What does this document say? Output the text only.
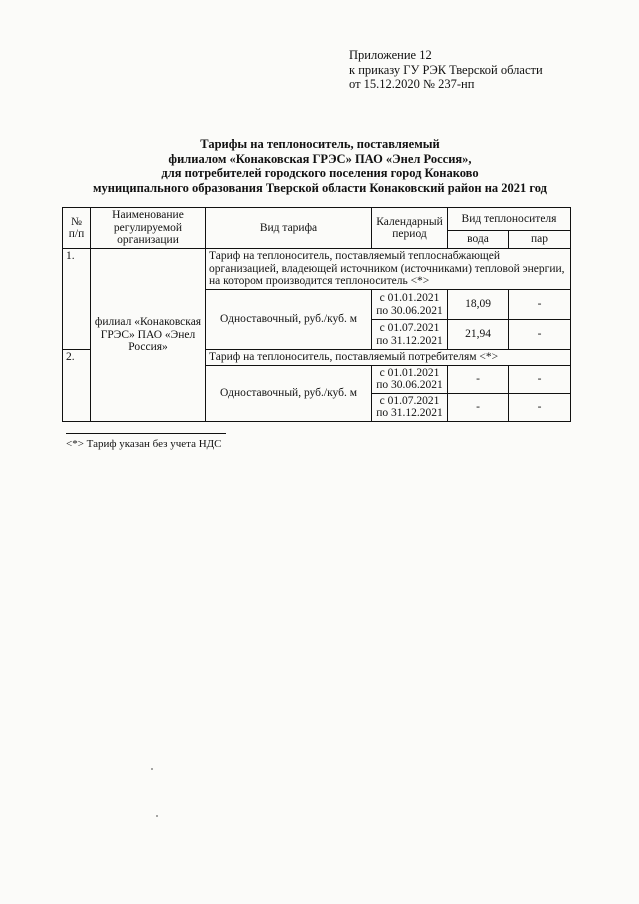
Приложение 12
к приказу ГУ РЭК Тверской области
от 15.12.2020 № 237-нп
Тарифы на теплоноситель, поставляемый
филиалом «Конаковская ГРЭС» ПАО «Энел Россия»,
для потребителей городского поселения город Конаково
муниципального образования Тверской области Конаковский район на 2021 год
№ п/п	Наименование регулируемой организации	Вид тарифа	Календарный период	Вид теплоносителя	
				вода	пар
1.	филиал «Конаковская ГРЭС» ПАО «Энел Россия»	Тариф на теплоноситель, поставляемый теплоснабжающей организацией, владеющей источником (источниками) тепловой энергии, на котором производится теплоноситель <*>			
		Одноставочный, руб./куб. м	с 01.01.2021 по 30.06.2021	18,09	-
			с 01.07.2021 по 31.12.2021	21,94	-
2.		Тариф на теплоноситель, поставляемый потребителям <*>			
		Одноставочный, руб./куб. м	с 01.01.2021 по 30.06.2021	-	-
			с 01.07.2021 по 31.12.2021	-	-
<*> Тариф указан без учета НДС
